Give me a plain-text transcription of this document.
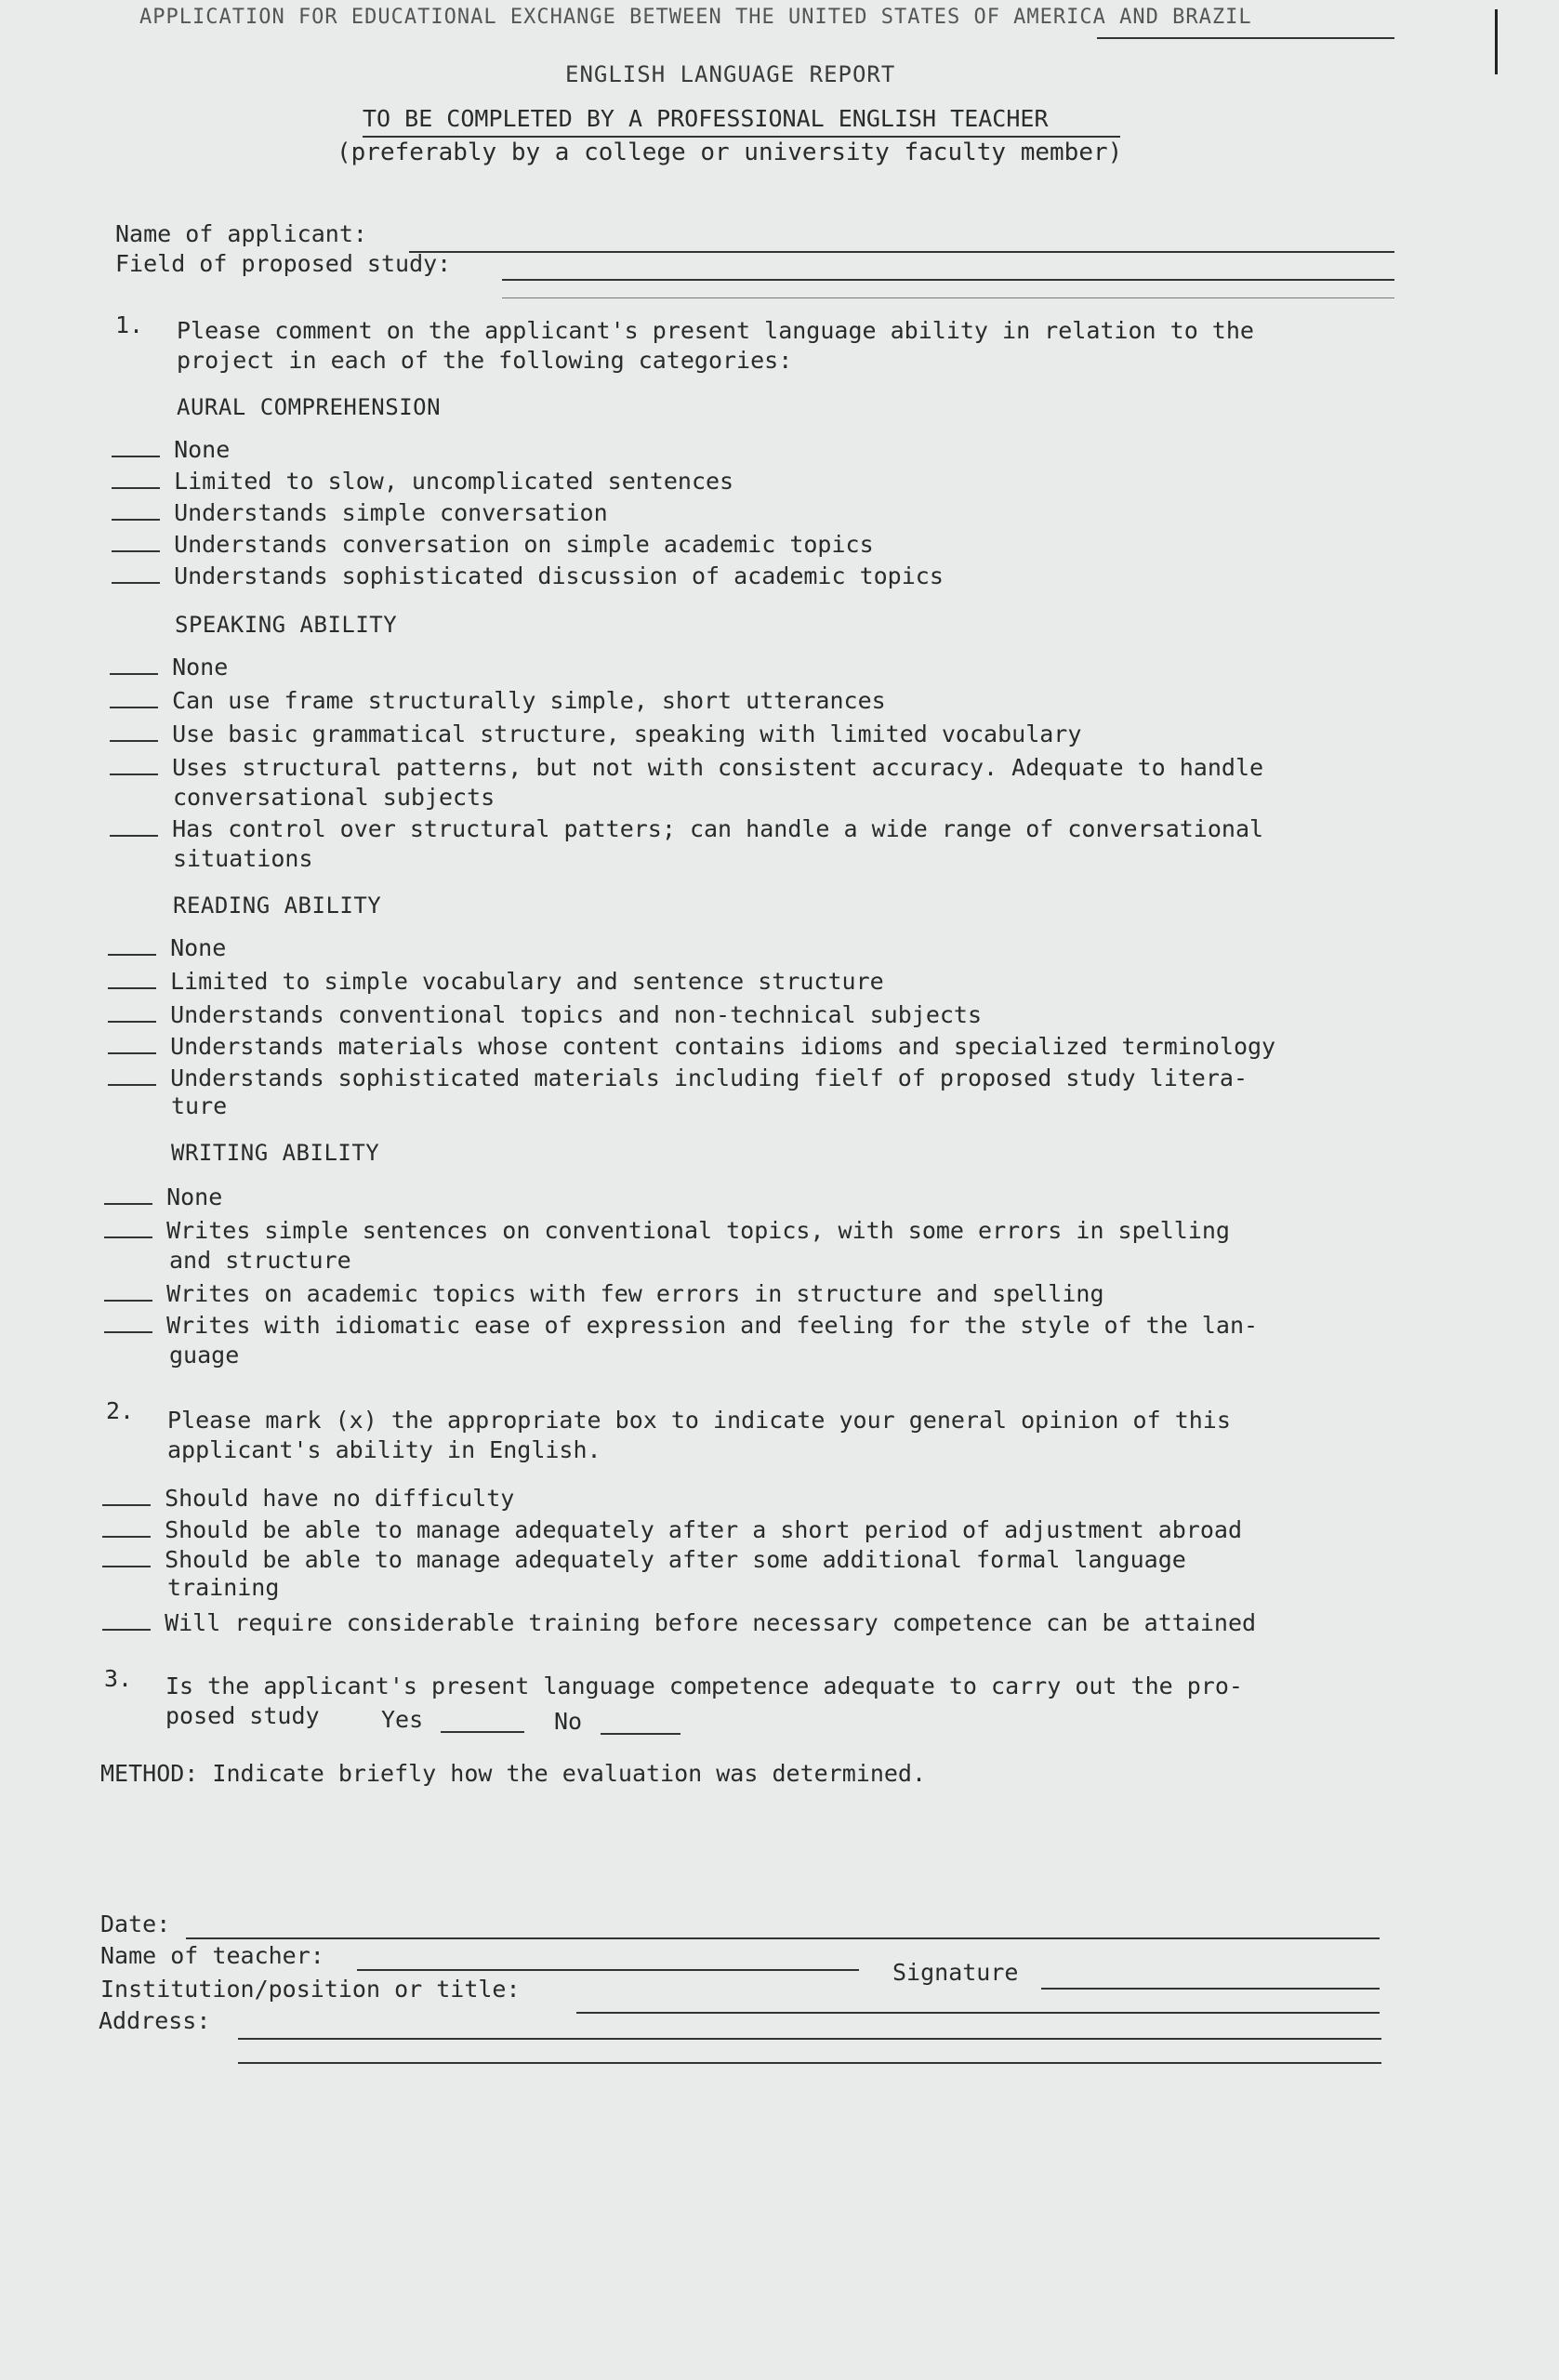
APPLICATION FOR EDUCATIONAL EXCHANGE BETWEEN THE UNITED STATES OF AMERICA AND BRAZIL
ENGLISH LANGUAGE REPORT
TO BE COMPLETED BY A PROFESSIONAL ENGLISH TEACHER
(preferably by a college or university faculty member)
Name of applicant:
Field of proposed study:
1. Please comment on the applicant's present language ability in relation to the
project in each of the following categories:
AURAL COMPREHENSION
None
Limited to slow, uncomplicated sentences
Understands simple conversation
Understands conversation on simple academic topics
Understands sophisticated discussion of academic topics
SPEAKING ABILITY
None
Can use frame structurally simple, short utterances
Use basic grammatical structure, speaking with limited vocabulary
Uses structural patterns, but not with consistent accuracy. Adequate to handle
conversational subjects
Has control over structural patters; can handle a wide range of conversational
situations
READING ABILITY
None
Limited to simple vocabulary and sentence structure
Understands conventional topics and non-technical subjects
Understands materials whose content contains idioms and specialized terminology
Understands sophisticated materials including fielf of proposed study litera-
ture
WRITING ABILITY
None
Writes simple sentences on conventional topics, with some errors in spelling
and structure
Writes on academic topics with few errors in structure and spelling
Writes with idiomatic ease of expression and feeling for the style of the lan-
guage
2. Please mark (x) the appropriate box to indicate your general opinion of this
applicant's ability in English.
Should have no difficulty
Should be able to manage adequately after a short period of adjustment abroad
Should be able to manage adequately after some additional formal language
training
Will require considerable training before necessary competence can be attained
3. Is the applicant's present language competence adequate to carry out the pro-
posed study	Yes	No
METHOD: Indicate briefly how the evaluation was determined.
Date:
Name of teacher:
Signature
Institution/position or title:
Address:
